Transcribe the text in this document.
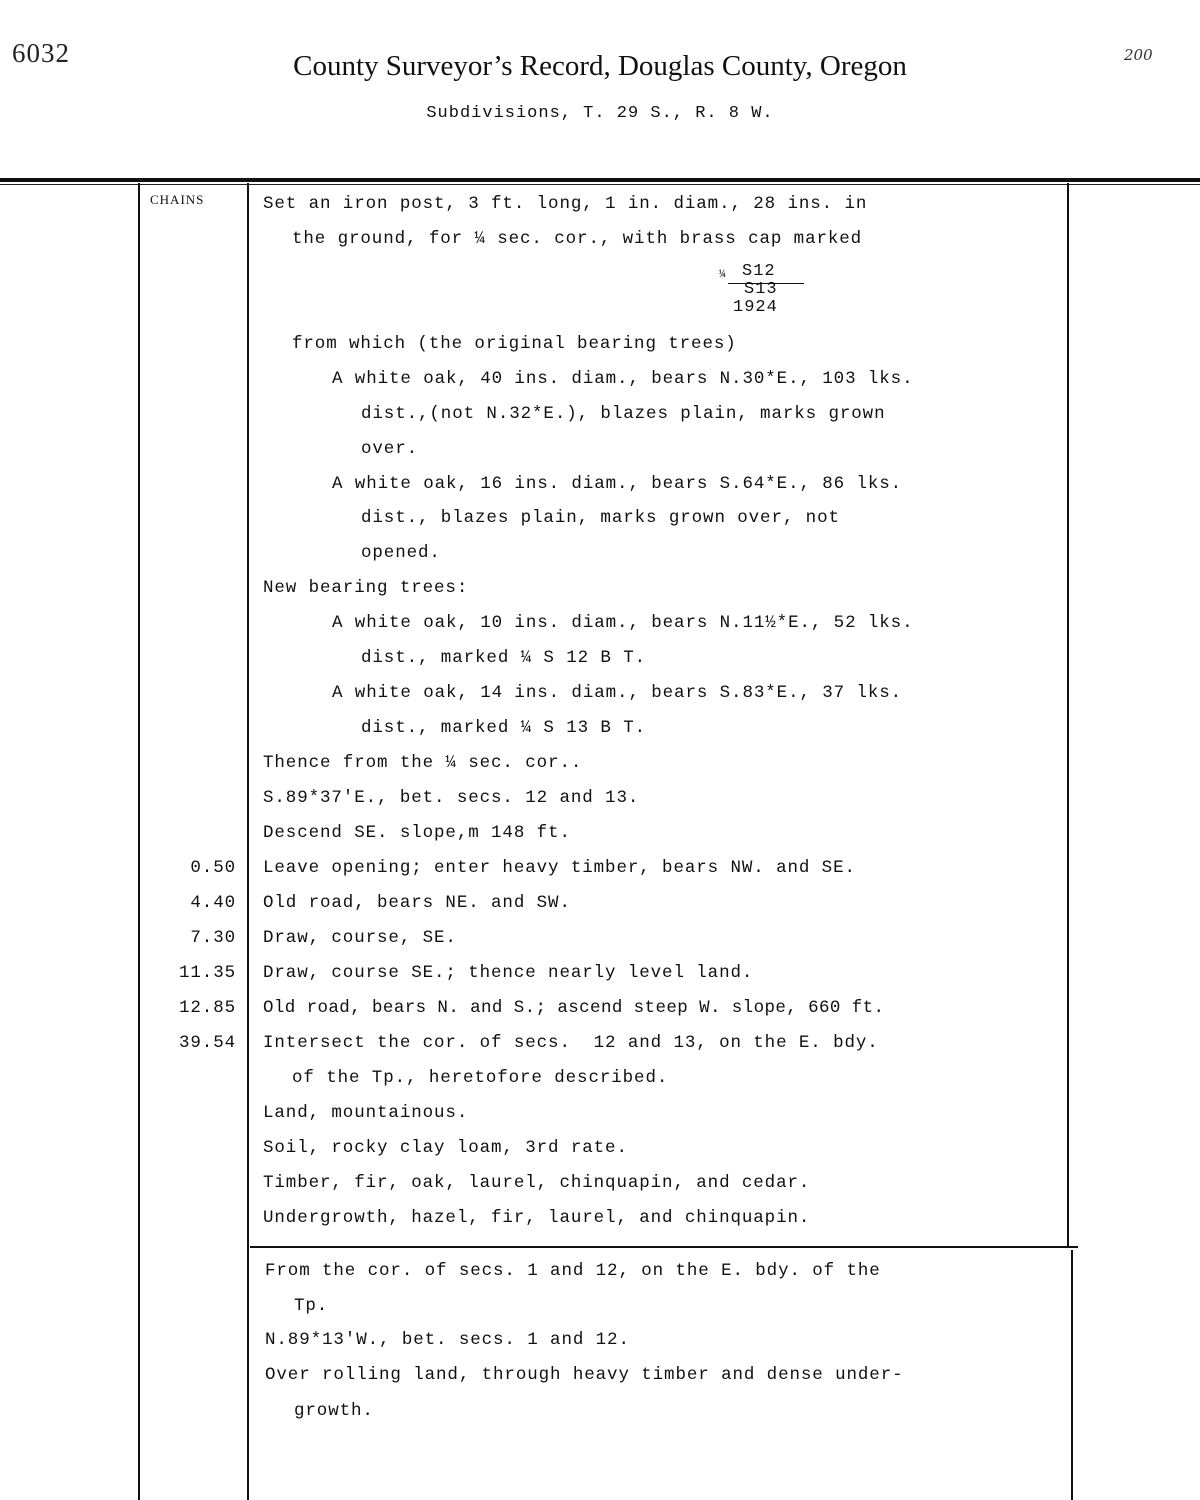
6032	200
County Surveyor’s Record, Douglas County, Oregon
Subdivisions, T. 29 S., R. 8 W.
CHAINS	Set an iron post, 3 ft. long, 1 in. diam., 28 ins. in
the ground, for ¼ sec. cor., with brass cap marked
¼ S12
S13
1924
from which (the original bearing trees)
A white oak, 40 ins. diam., bears N.30*E., 103 lks.
dist.,(not N.32*E.), blazes plain, marks grown
over.
A white oak, 16 ins. diam., bears S.64*E., 86 lks.
dist., blazes plain, marks grown over, not
opened.
New bearing trees:
A white oak, 10 ins. diam., bears N.11½*E., 52 lks.
dist., marked ¼ S 12 B T.
A white oak, 14 ins. diam., bears S.83*E., 37 lks.
dist., marked ¼ S 13 B T.
Thence from the ¼ sec. cor..
S.89*37'E., bet. secs. 12 and 13.
Descend SE. slope,m 148 ft.
Leave opening; enter heavy timber, bears NW. and SE.
Old road, bears NE. and SW.
Draw, course, SE.
Draw, course SE.; thence nearly level land.
Old road, bears N. and S.; ascend steep W. slope, 660 ft.
Intersect the cor. of secs.  12 and 13, on the E. bdy.
of the Tp., heretofore described.
Land, mountainous.
Soil, rocky clay loam, 3rd rate.
Timber, fir, oak, laurel, chinquapin, and cedar.
Undergrowth, hazel, fir, laurel, and chinquapin.
From the cor. of secs. 1 and 12, on the E. bdy. of the
Tp.
N.89*13'W., bet. secs. 1 and 12.
Over rolling land, through heavy timber and dense under-
growth.
0.50
4.40
7.30
11.35
12.85
39.54
